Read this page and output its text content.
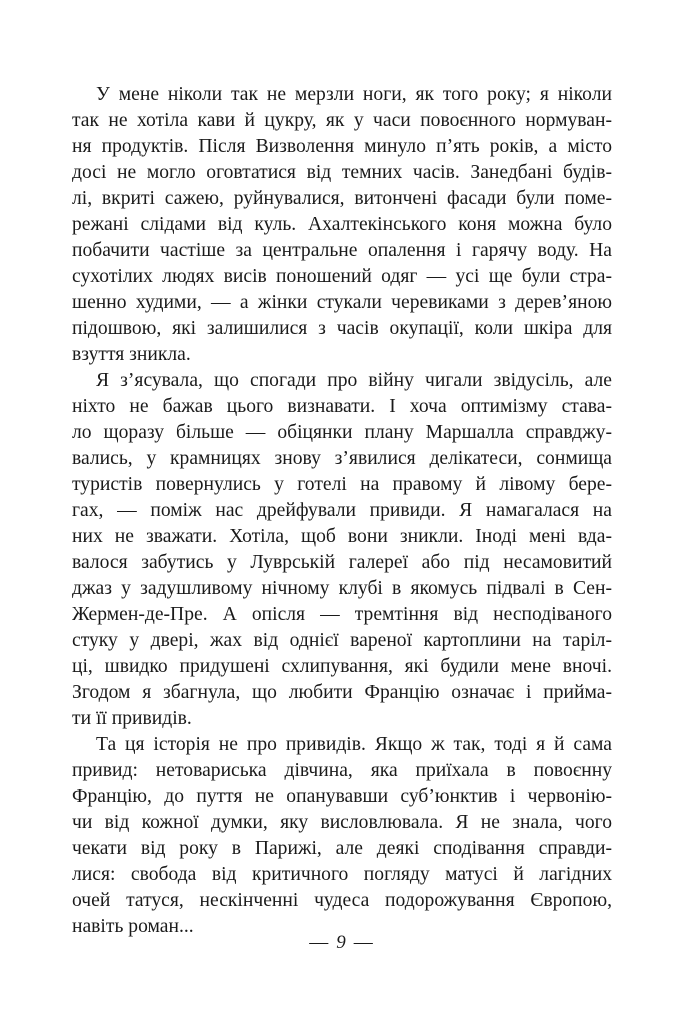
У мене ніколи так не мерзли ноги, як того року; я ніколи
так не хотіла кави й цукру, як у часи повоєнного нормуван-
ня продуктів. Після Визволення минуло п’ять років, а місто
досі не могло оговтатися від темних часів. Занедбані будів-
лі, вкриті сажею, руйнувалися, витончені фасади були поме-
режані слідами від куль. Ахалтекінського коня можна було
побачити частіше за центральне опалення і гарячу воду. На
сухотілих людях висів поношений одяг — усі ще були стра-
шенно худими, — а жінки стукали черевиками з дерев’яною
підошвою, які залишилися з часів окупації, коли шкіра для
взуття зникла.

Я з’ясувала, що спогади про війну чигали звідусіль, але
ніхто не бажав цього визнавати. І хоча оптимізму става-
ло щоразу більше — обіцянки плану Маршалла справджу-
вались, у крамницях знову з’явилися делікатеси, сонмища
туристів повернулись у готелі на правому й лівому бере-
гах, — поміж нас дрейфували привиди. Я намагалася на
них не зважати. Хотіла, щоб вони зникли. Іноді мені вда-
валося забутись у Луврській галереї або під несамовитий
джаз у задушливому нічному клубі в якомусь підвалі в Сен-
Жермен-де-Пре. А опісля — тремтіння від несподіваного
стуку у двері, жах від однієї вареної картоплини на таріл-
ці, швидко придушені схлипування, які будили мене вночі.
Згодом я збагнула, що любити Францію означає і прийма-
ти її привидів.

Та ця історія не про привидів. Якщо ж так, тоді я й сама
привид: нетовариська дівчина, яка приїхала в повоєнну
Францію, до пуття не опанувавши суб’юнктив і червонію-
чи від кожної думки, яку висловлювала. Я не знала, чого
чекати від року в Парижі, але деякі сподівання справди-
лися: свобода від критичного погляду матусі й лагідних
очей татуся, нескінченні чудеса подорожування Європою,
навіть роман...

— 9 —
